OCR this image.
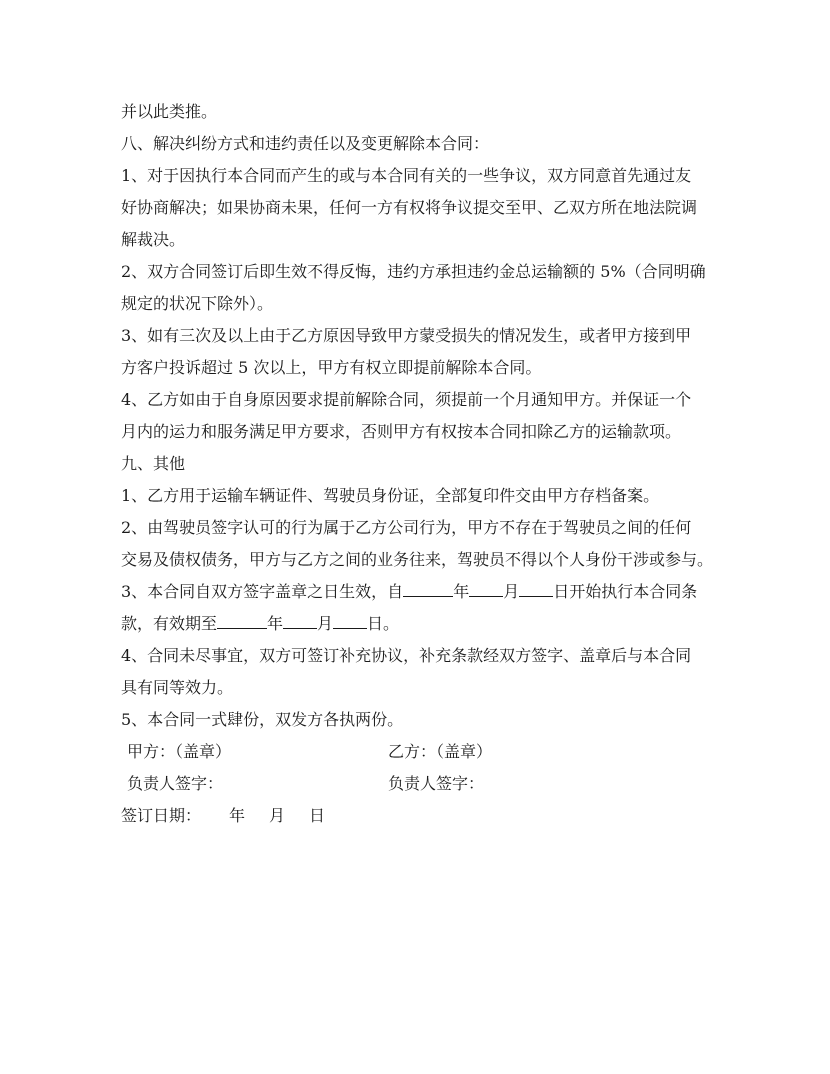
并以此类推。
八、解决纠纷方式和违约责任以及变更解除本合同：
1、对于因执行本合同而产生的或与本合同有关的一些争议，双方同意首先通过友
好协商解决；如果协商未果，任何一方有权将争议提交至甲、乙双方所在地法院调
解裁决。
2、双方合同签订后即生效不得反悔，违约方承担违约金总运输额的 5%（合同明确
规定的状况下除外）。
3、如有三次及以上由于乙方原因导致甲方蒙受损失的情况发生，或者甲方接到甲
方客户投诉超过 5 次以上，甲方有权立即提前解除本合同。
4、乙方如由于自身原因要求提前解除合同，须提前一个月通知甲方。并保证一个
月内的运力和服务满足甲方要求，否则甲方有权按本合同扣除乙方的运输款项。
九、其他
1、乙方用于运输车辆证件、驾驶员身份证，全部复印件交由甲方存档备案。
2、由驾驶员签字认可的行为属于乙方公司行为，甲方不存在于驾驶员之间的任何
交易及债权债务，甲方与乙方之间的业务往来，驾驶员不得以个人身份干涉或参与。
3、本合同自双方签字盖章之日生效，自	年 月 日开始执行本合同条
款，有效期至	年 月 日。
4、合同未尽事宜，双方可签订补充协议，补充条款经双方签字、盖章后与本合同
具有同等效力。
5、本合同一式肆份，双发方各执两份。
甲方：（盖章）	乙方：（盖章）
负责人签字：	负责人签字：
签订日期： 年 月 日
